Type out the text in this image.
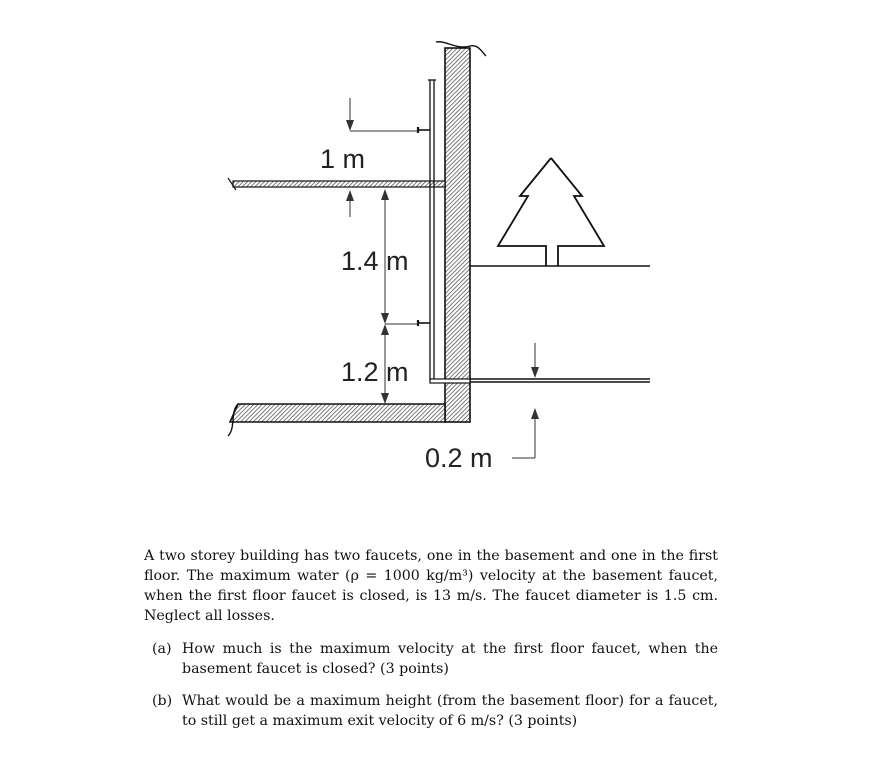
1 m
1.4 m
1.2 m
0.2 m

A two storey building has two faucets, one in the basement and one in the first floor. The maximum water (ρ = 1000 kg/m³) velocity at the basement faucet, when the first floor faucet is closed, is 13 m/s. The faucet diameter is 1.5 cm. Neglect all losses.

(a) How much is the maximum velocity at the first floor faucet, when the basement faucet is closed? (3 points)
(b) What would be a maximum height (from the basement floor) for a faucet, to still get a maximum exit velocity of 6 m/s? (3 points)
